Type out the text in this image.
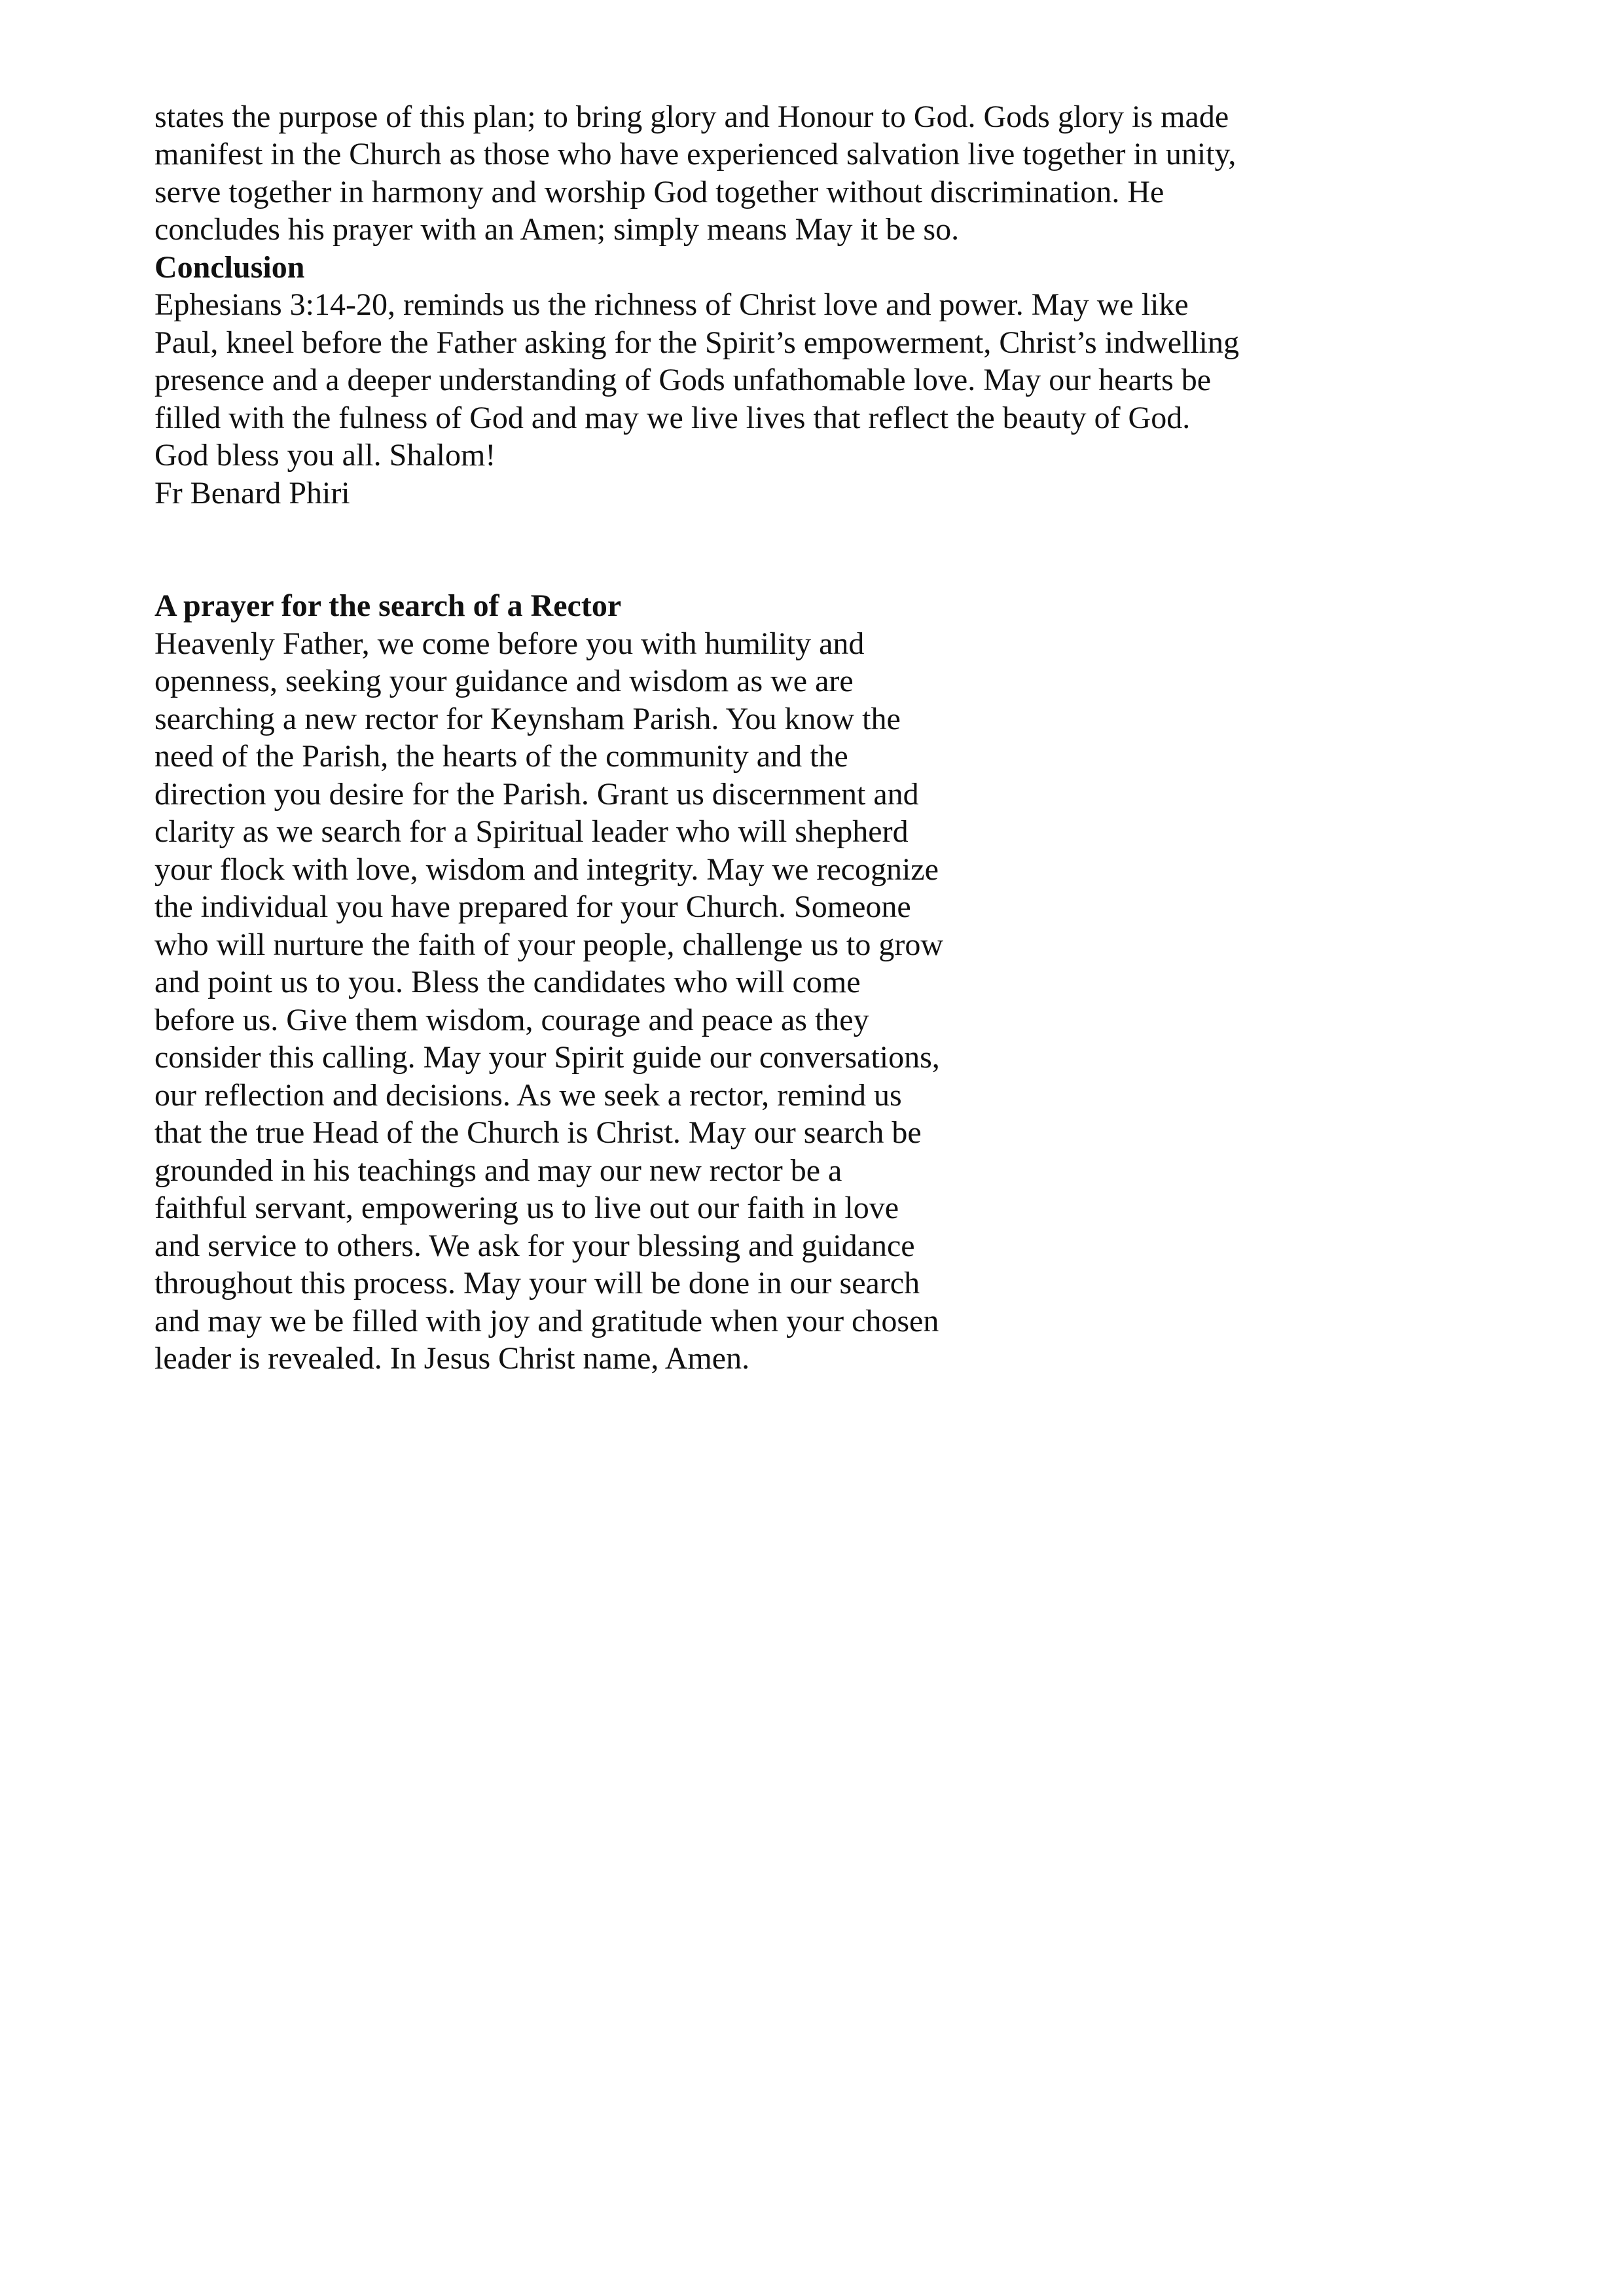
states the purpose of this plan; to bring glory and Honour to God. Gods glory is made
manifest in the Church as those who have experienced salvation live together in unity,
serve together in harmony and worship God together without discrimination. He
concludes his prayer with an Amen; simply means May it be so.
Conclusion
Ephesians 3:14-20, reminds us the richness of Christ love and power. May we like
Paul, kneel before the Father asking for the Spirit’s empowerment, Christ’s indwelling
presence and a deeper understanding of Gods unfathomable love. May our hearts be
filled with the fulness of God and may we live lives that reflect the beauty of God.
God bless you all. Shalom!
Fr Benard Phiri
A prayer for the search of a Rector
Heavenly Father, we come before you with humility and
openness, seeking your guidance and wisdom as we are
searching a new rector for Keynsham Parish. You know the
need of the Parish, the hearts of the community and the
direction you desire for the Parish. Grant us discernment and
clarity as we search for a Spiritual leader who will shepherd
your flock with love, wisdom and integrity. May we recognize
the individual you have prepared for your Church. Someone
who will nurture the faith of your people, challenge us to grow
and point us to you. Bless the candidates who will come
before us. Give them wisdom, courage and peace as they
consider this calling. May your Spirit guide our conversations,
our reflection and decisions. As we seek a rector, remind us
that the true Head of the Church is Christ. May our search be
grounded in his teachings and may our new rector be a
faithful servant, empowering us to live out our faith in love
and service to others. We ask for your blessing and guidance
throughout this process. May your will be done in our search
and may we be filled with joy and gratitude when your chosen
leader is revealed. In Jesus Christ name, Amen.
